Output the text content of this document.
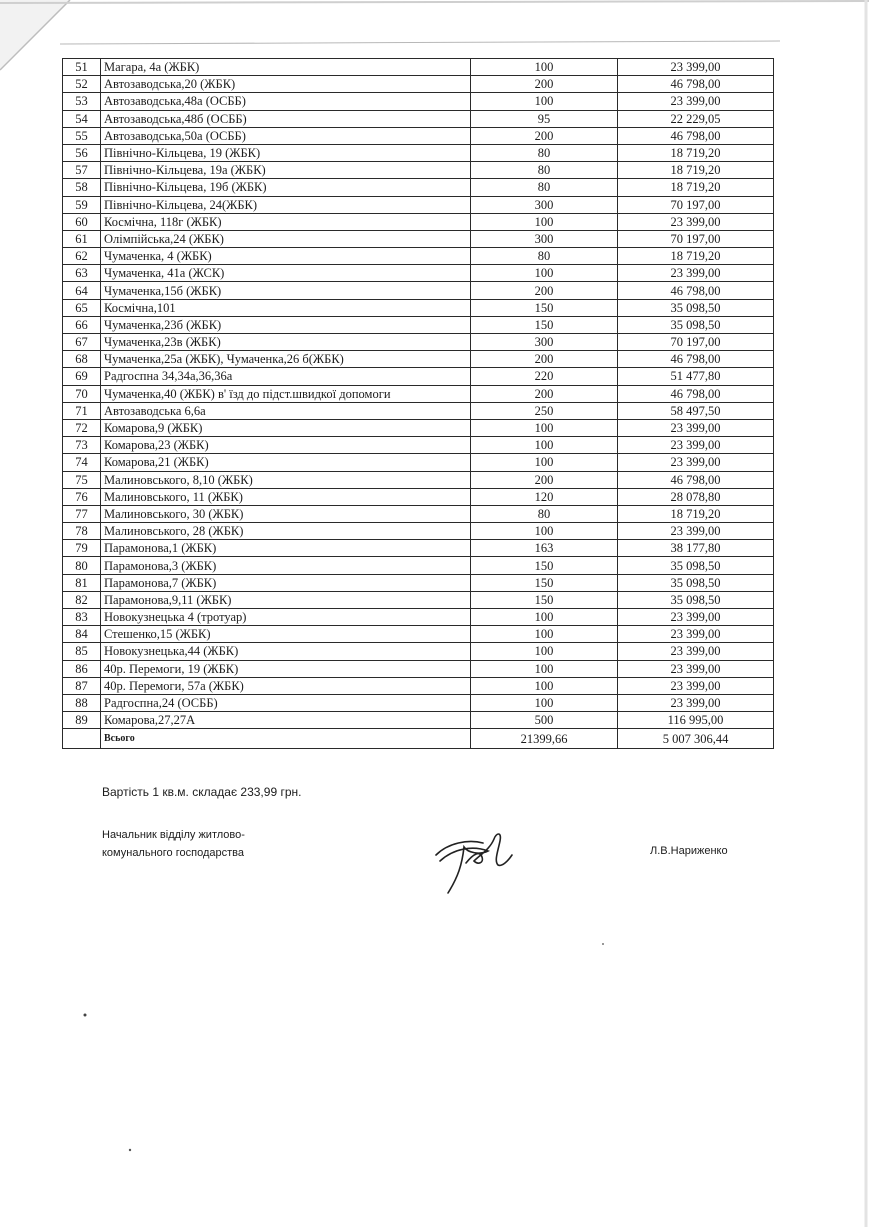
51	Магара, 4а (ЖБК)	100	23 399,00
52	Автозаводська,20 (ЖБК)	200	46 798,00
53	Автозаводська,48а (ОСББ)	100	23 399,00
54	Автозаводська,48б (ОСББ)	95	22 229,05
55	Автозаводська,50а (ОСББ)	200	46 798,00
56	Північно-Кільцева, 19 (ЖБК)	80	18 719,20
57	Північно-Кільцева, 19а (ЖБК)	80	18 719,20
58	Північно-Кільцева, 19б (ЖБК)	80	18 719,20
59	Північно-Кільцева, 24(ЖБК)	300	70 197,00
60	Космічна, 118г (ЖБК)	100	23 399,00
61	Олімпійська,24 (ЖБК)	300	70 197,00
62	Чумаченка, 4 (ЖБК)	80	18 719,20
63	Чумаченка, 41а (ЖСК)	100	23 399,00
64	Чумаченка,15б (ЖБК)	200	46 798,00
65	Космічна,101	150	35 098,50
66	Чумаченка,23б (ЖБК)	150	35 098,50
67	Чумаченка,23в (ЖБК)	300	70 197,00
68	Чумаченка,25а (ЖБК), Чумаченка,26 б(ЖБК)	200	46 798,00
69	Радгоспна 34,34а,36,36а	220	51 477,80
70	Чумаченка,40 (ЖБК) в' їзд до підст.швидкої допомоги	200	46 798,00
71	Автозаводська 6,6а	250	58 497,50
72	Комарова,9 (ЖБК)	100	23 399,00
73	Комарова,23 (ЖБК)	100	23 399,00
74	Комарова,21 (ЖБК)	100	23 399,00
75	Малиновського, 8,10 (ЖБК)	200	46 798,00
76	Малиновського, 11 (ЖБК)	120	28 078,80
77	Малиновського, 30 (ЖБК)	80	18 719,20
78	Малиновського, 28 (ЖБК)	100	23 399,00
79	Парамонова,1 (ЖБК)	163	38 177,80
80	Парамонова,3 (ЖБК)	150	35 098,50
81	Парамонова,7 (ЖБК)	150	35 098,50
82	Парамонова,9,11 (ЖБК)	150	35 098,50
83	Новокузнецька 4 (тротуар)	100	23 399,00
84	Стешенко,15 (ЖБК)	100	23 399,00
85	Новокузнецька,44 (ЖБК)	100	23 399,00
86	40р. Перемоги, 19 (ЖБК)	100	23 399,00
87	40р. Перемоги, 57а (ЖБК)	100	23 399,00
88	Радгоспна,24 (ОСББ)	100	23 399,00
89	Комарова,27,27А	500	116 995,00
	Всього	21399,66	5 007 306,44
Вартість 1 кв.м. складає 233,99 грн.
Начальник відділу житлово-
комунального господарства	Л.В.Нариженко
